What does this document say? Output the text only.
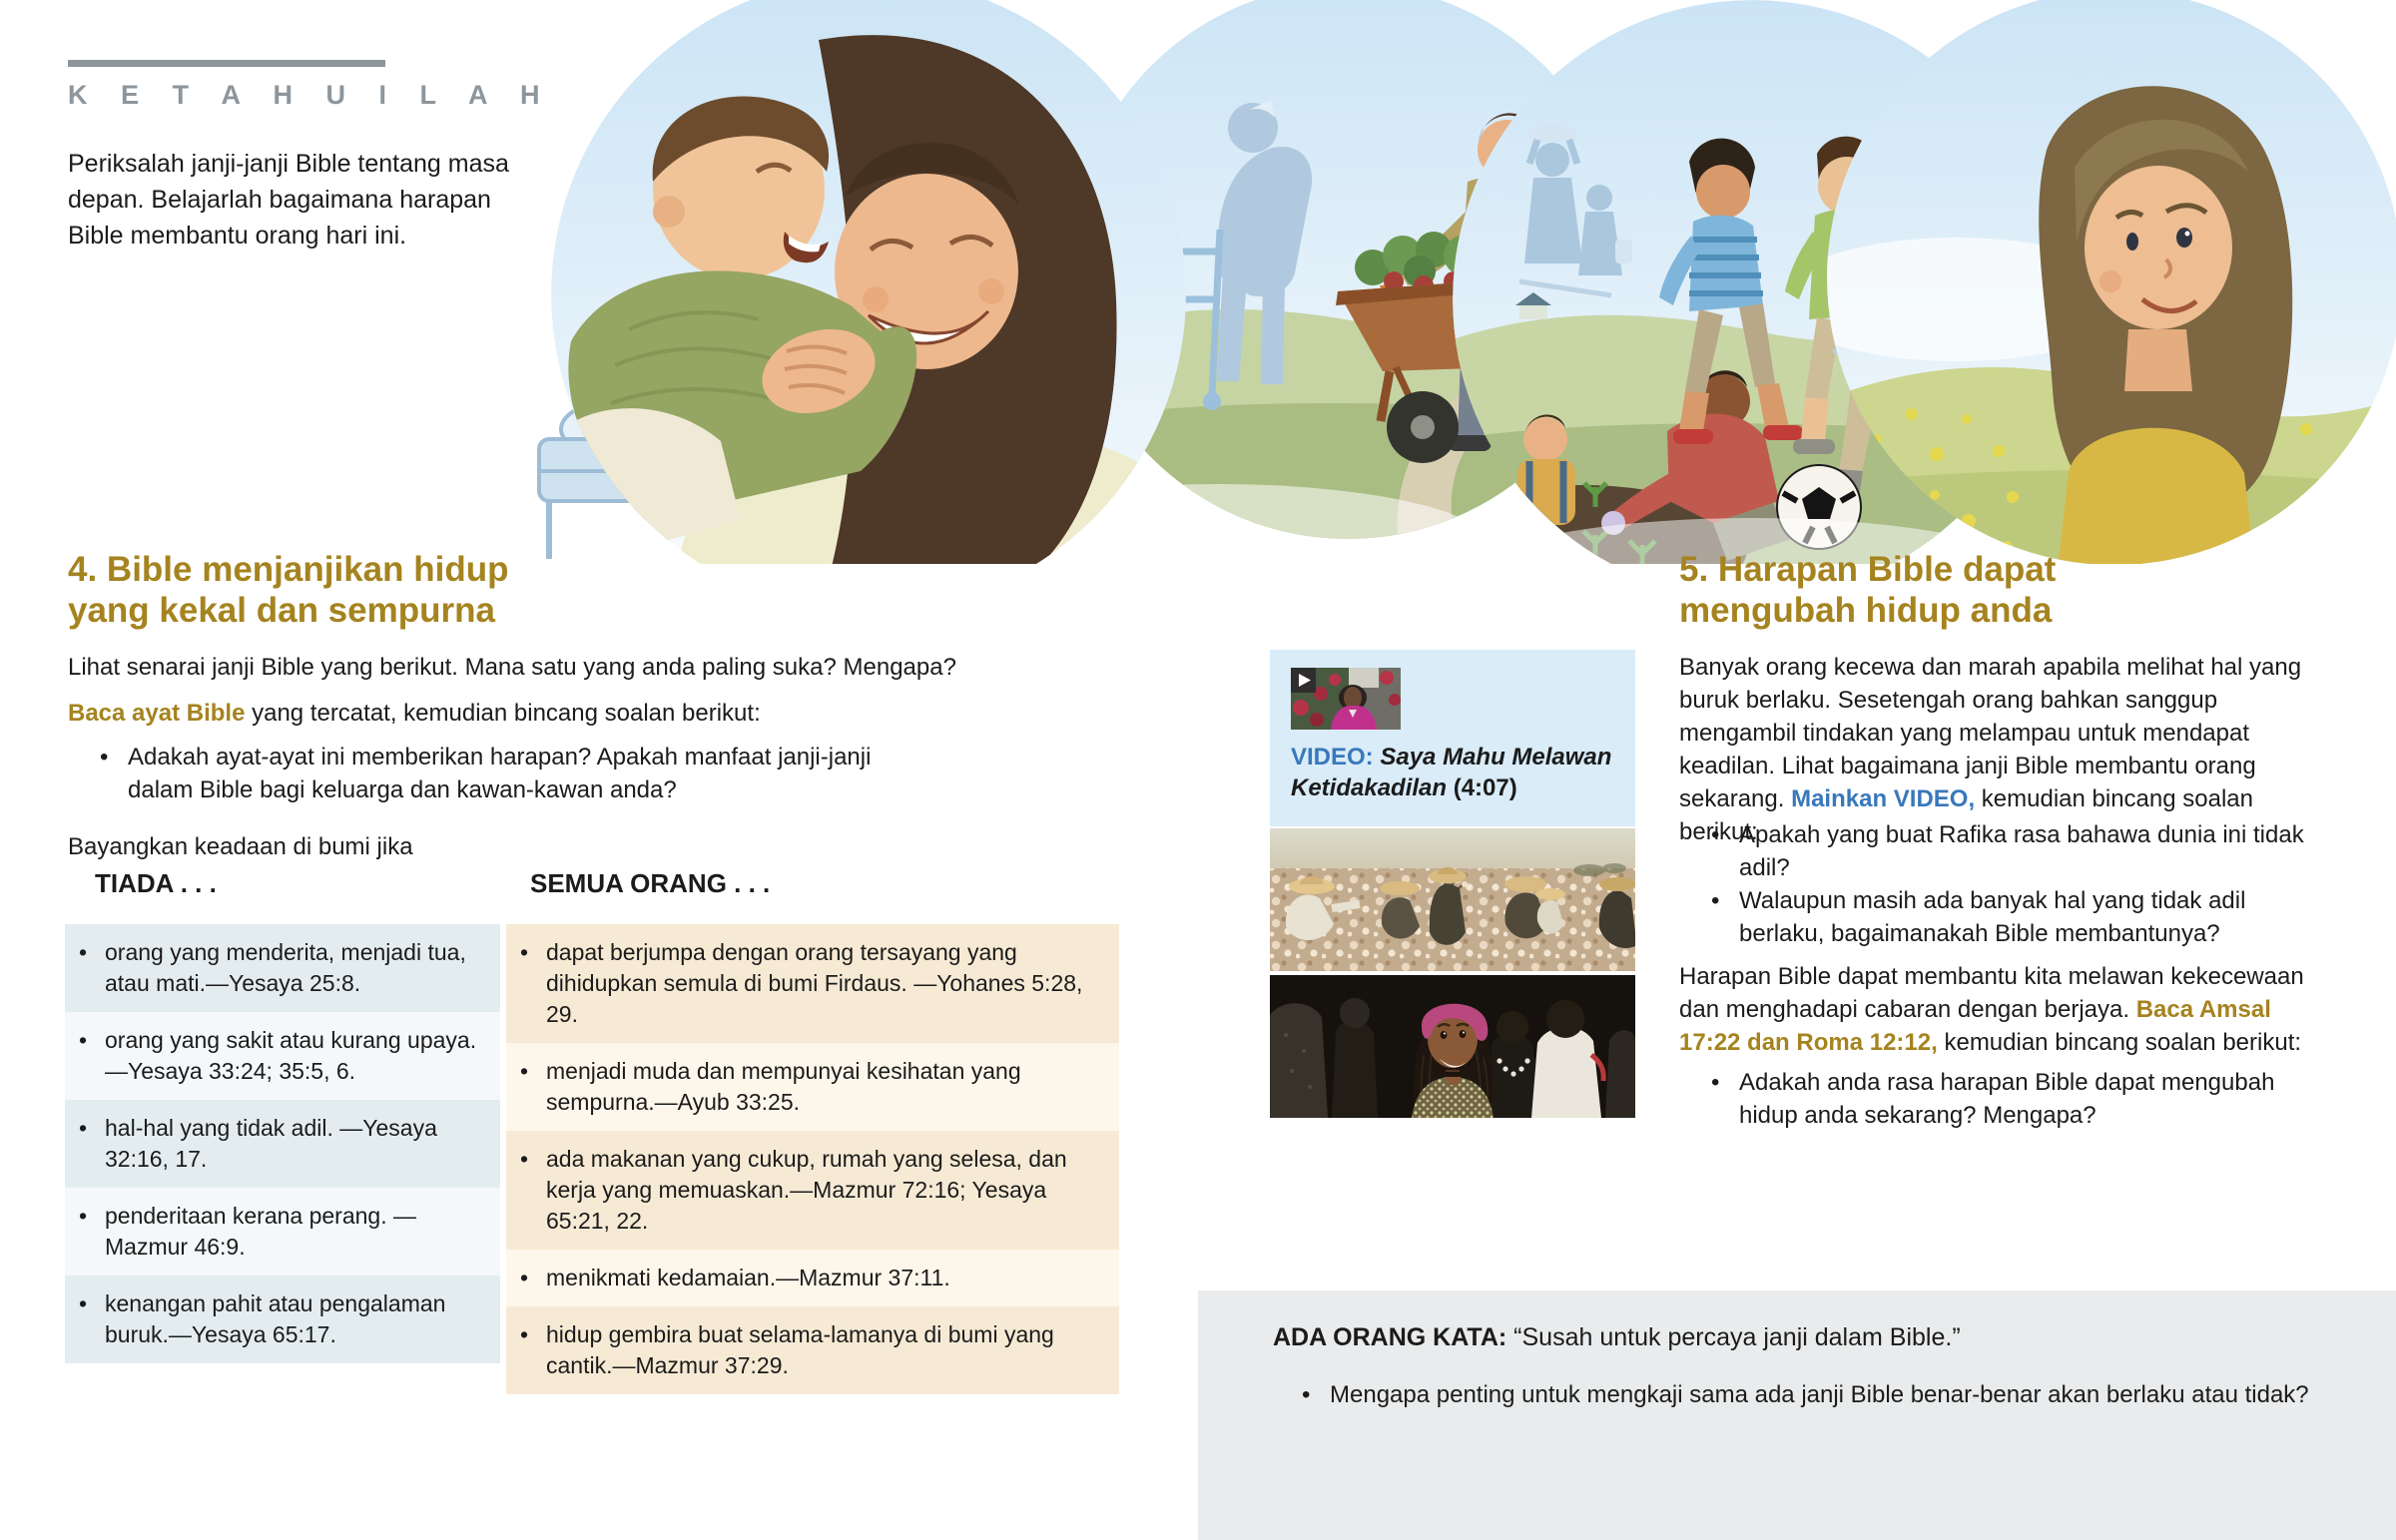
K E T A H U I L A H
Periksalah janji-janji Bible tentang masa depan. Belajarlah bagaimana harapan Bible membantu orang hari ini.
4. Bible menjanjikan hidup
yang kekal dan sempurna
Lihat senarai janji Bible yang berikut. Mana satu yang anda paling suka? Mengapa?
Baca ayat Bible yang tercatat, kemudian bincang soalan berikut:
• Adakah ayat-ayat ini memberikan harapan? Apakah manfaat janji-janji dalam Bible bagi keluarga dan kawan-kawan anda?
Bayangkan keadaan di bumi jika
TIADA . . .	SEMUA ORANG . . .
• orang yang menderita, menjadi tua, atau mati.—Yesaya 25:8.
• orang yang sakit atau kurang upaya.—Yesaya 33:24; 35:5, 6.
• hal-hal yang tidak adil. —Yesaya 32:16, 17.
• penderitaan kerana perang. —Mazmur 46:9.
• kenangan pahit atau pengalaman buruk.—Yesaya 65:17.
• dapat berjumpa dengan orang tersayang yang dihidupkan semula di bumi Firdaus. —Yohanes 5:28, 29.
• menjadi muda dan mempunyai kesihatan yang sempurna.—Ayub 33:25.
• ada makanan yang cukup, rumah yang selesa, dan kerja yang memuaskan.—Mazmur 72:16; Yesaya 65:21, 22.
• menikmati kedamaian.—Mazmur 37:11.
• hidup gembira buat selama-lamanya di bumi yang cantik.—Mazmur 37:29.
VIDEO: Saya Mahu Melawan Ketidakadilan (4:07)
5. Harapan Bible dapat
mengubah hidup anda
Banyak orang kecewa dan marah apabila melihat hal yang buruk berlaku. Sesetengah orang bahkan sanggup mengambil tindakan yang melampau untuk mendapat keadilan. Lihat bagaimana janji Bible membantu orang sekarang. Mainkan VIDEO, kemudian bincang soalan berikut:
• Apakah yang buat Rafika rasa bahawa dunia ini tidak adil?
• Walaupun masih ada banyak hal yang tidak adil berlaku, bagaimanakah Bible membantunya?
Harapan Bible dapat membantu kita melawan kekecewaan dan menghadapi cabaran dengan berjaya. Baca Amsal 17:22 dan Roma 12:12, kemudian bincang soalan berikut:
• Adakah anda rasa harapan Bible dapat mengubah hidup anda sekarang? Mengapa?
ADA ORANG KATA: “Susah untuk percaya janji dalam Bible.”
• Mengapa penting untuk mengkaji sama ada janji Bible benar-benar akan berlaku atau tidak?
